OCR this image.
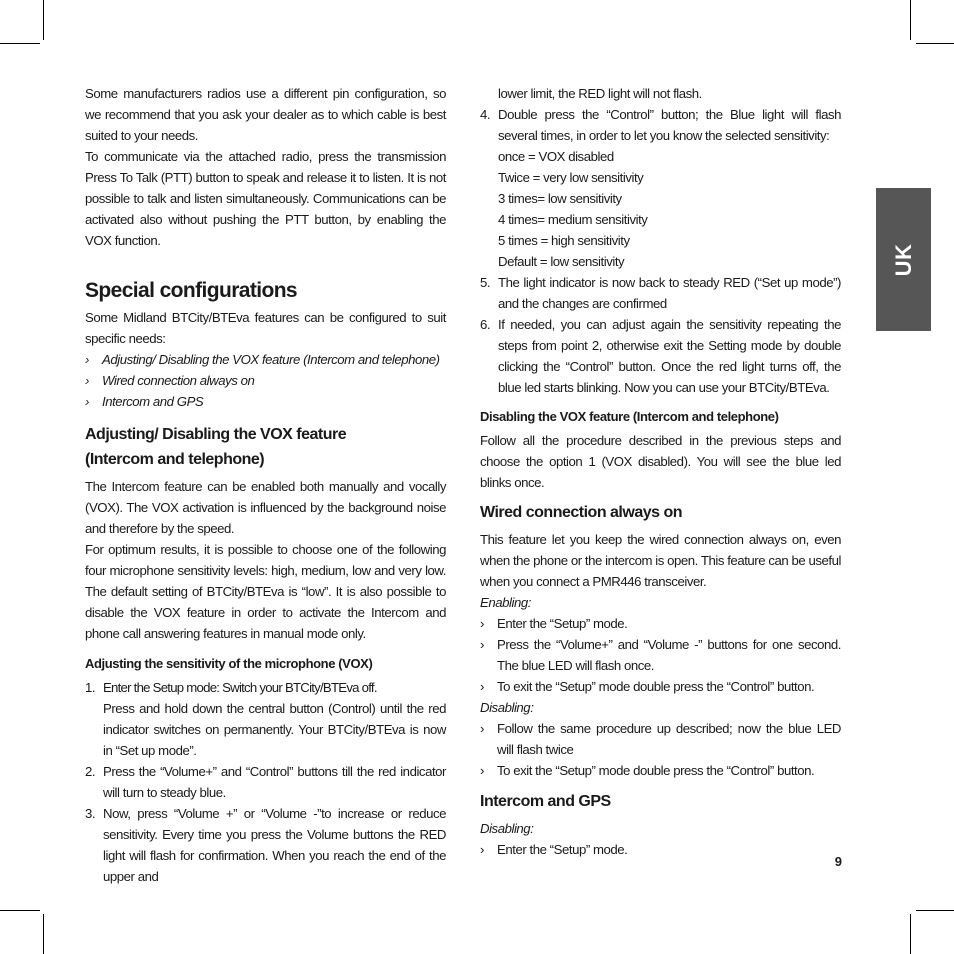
UK

Some manufacturers radios use a different pin configuration, so we recommend that you ask your dealer as to which cable is best suited to your needs.

To communicate via the attached radio, press the transmission Press To Talk (PTT) button to speak and release it to listen. It is not possible to talk and listen simultaneously. Communications can be activated also without pushing the PTT button, by enabling the VOX function.

Special configurations

Some Midland BTCity/BTEva features can be configured to suit specific needs:

› Adjusting/ Disabling the VOX feature (Intercom and telephone)
› Wired connection always on
› Intercom and GPS
Adjusting/ Disabling the VOX feature
(Intercom and telephone)

The Intercom feature can be enabled both manually and vocally (VOX). The VOX activation is influenced by the background noise and therefore by the speed.

For optimum results, it is possible to choose one of the following four microphone sensitivity levels: high, medium, low and very low. The default setting of BTCity/BTEva is “low”. It is also possible to disable the VOX feature in order to activate the Intercom and phone call answering features in manual mode only.

Adjusting the sensitivity of the microphone (VOX)
1. Enter the Setup mode: Switch your BTCity/BTEva off.
Press and hold down the central button (Control) until the red indicator switches on permanently. Your BTCity/BTEva is now in “Set up mode”.
2. Press the “Volume+” and “Control” buttons till the red indicator will turn to steady blue.
3. Now, press “Volume +” or “Volume -”to increase or reduce sensitivity. Every time you press the Volume buttons the RED light will flash for confirmation. When you reach the end of the upper and
lower limit, the RED light will not flash.
4. Double press the “Control” button; the Blue light will flash several times, in order to let you know the selected sensitivity:
once = VOX disabled
Twice = very low sensitivity
3 times= low sensitivity
4 times= medium sensitivity
5 times = high sensitivity
Default = low sensitivity
5. The light indicator is now back to steady RED (“Set up mode”) and the changes are confirmed
6. If needed, you can adjust again the sensitivity repeating the steps from point 2, otherwise exit the Setting mode by double clicking the “Control” button. Once the red light turns off, the blue led starts blinking. Now you can use your BTCity/BTEva.
Disabling the VOX feature (Intercom and telephone)

Follow all the procedure described in the previous steps and choose the option 1 (VOX disabled). You will see the blue led blinks once.

Wired connection always on

This feature let you keep the wired connection always on, even when the phone or the intercom is open. This feature can be useful when you connect a PMR446 transceiver.

Enabling:

› Enter the “Setup” mode.
› Press the “Volume+” and “Volume -” buttons for one second. The blue LED will flash once.
› To exit the “Setup” mode double press the “Control” button.

Disabling:

› Follow the same procedure up described; now the blue LED will flash twice
› To exit the “Setup” mode double press the “Control” button.
Intercom and GPS

Disabling:

› Enter the “Setup” mode.
9
